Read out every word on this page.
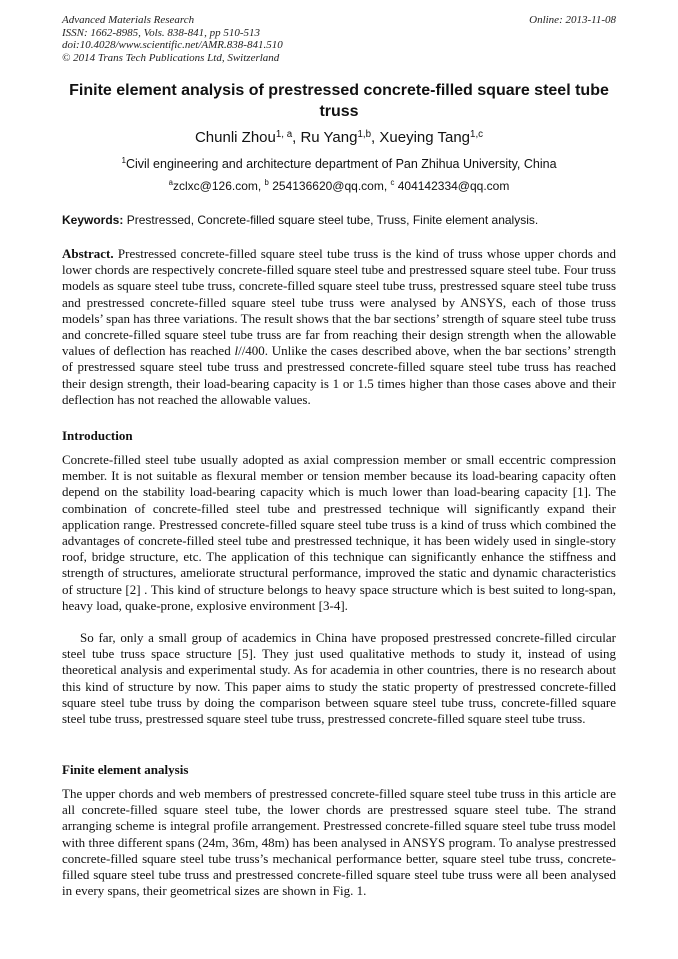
Advanced Materials Research
ISSN: 1662-8985, Vols. 838-841, pp 510-513
doi:10.4028/www.scientific.net/AMR.838-841.510
© 2014 Trans Tech Publications Ltd, Switzerland
Online: 2013-11-08
Finite element analysis of prestressed concrete-filled square steel tube truss
Chunli Zhou$^{1, a}$, Ru Yang$^{1,b}$, Xueying Tang$^{1,c}$
$^1$Civil engineering and architecture department of Pan Zhihua University, China
$^a$zclxc@126.com, $^b$ 254136620@qq.com, $^c$ 404142334@qq.com
Keywords: Prestressed, Concrete-filled square steel tube, Truss, Finite element analysis.

Abstract. Prestressed concrete-filled square steel tube truss is the kind of truss whose upper chords and lower chords are respectively concrete-filled square steel tube and prestressed square steel tube. Four truss models as square steel tube truss, concrete-filled square steel tube truss, prestressed square steel tube truss and prestressed concrete-filled square steel tube truss were analysed by ANSYS, each of those truss models’ span has three variations. The result shows that the bar sections’ strength of square steel tube truss and concrete-filled square steel tube truss are far from reaching their design strength when the allowable values of deflection has reached l//400. Unlike the cases described above, when the bar sections’ strength of prestressed square steel tube truss and prestressed concrete-filled square steel tube truss has reached their design strength, their load-bearing capacity is 1 or 1.5 times higher than those cases above and their deflection has not reached the allowable values.

Introduction

Concrete-filled steel tube usually adopted as axial compression member or small eccentric compression member. It is not suitable as flexural member or tension member because its load-bearing capacity often depend on the stability load-bearing capacity which is much lower than load-bearing capacity [1]. The combination of concrete-filled steel tube and prestressed technique will significantly expand their application range. Prestressed concrete-filled square steel tube truss is a kind of truss which combined the advantages of concrete-filled steel tube and prestressed technique, it has been widely used in single-story roof, bridge structure, etc. The application of this technique can significantly enhance the stiffness and strength of structures, ameliorate structural performance, improved the static and dynamic characteristics of structure [2] . This kind of structure belongs to heavy space structure which is best suited to long-span, heavy load, quake-prone, explosive environment [3-4].

So far, only a small group of academics in China have proposed prestressed concrete-filled circular steel tube truss space structure [5]. They just used qualitative methods to study it, instead of using theoretical analysis and experimental study. As for academia in other countries, there is no research about this kind of structure by now. This paper aims to study the static property of prestressed concrete-filled square steel tube truss by doing the comparison between square steel tube truss, concrete-filled square steel tube truss, prestressed square steel tube truss, prestressed concrete-filled square steel tube truss.

Finite element analysis

The upper chords and web members of prestressed concrete-filled square steel tube truss in this article are all concrete-filled square steel tube, the lower chords are prestressed square steel tube. The strand arranging scheme is integral profile arrangement. Prestressed concrete-filled square steel tube truss model with three different spans (24m, 36m, 48m) has been analysed in ANSYS program. To analyse prestressed concrete-filled square steel tube truss’s mechanical performance better, square steel tube truss, concrete-filled square steel tube truss and prestressed concrete-filled square steel tube truss were all been analysed in every spans, their geometrical sizes are shown in Fig. 1.
